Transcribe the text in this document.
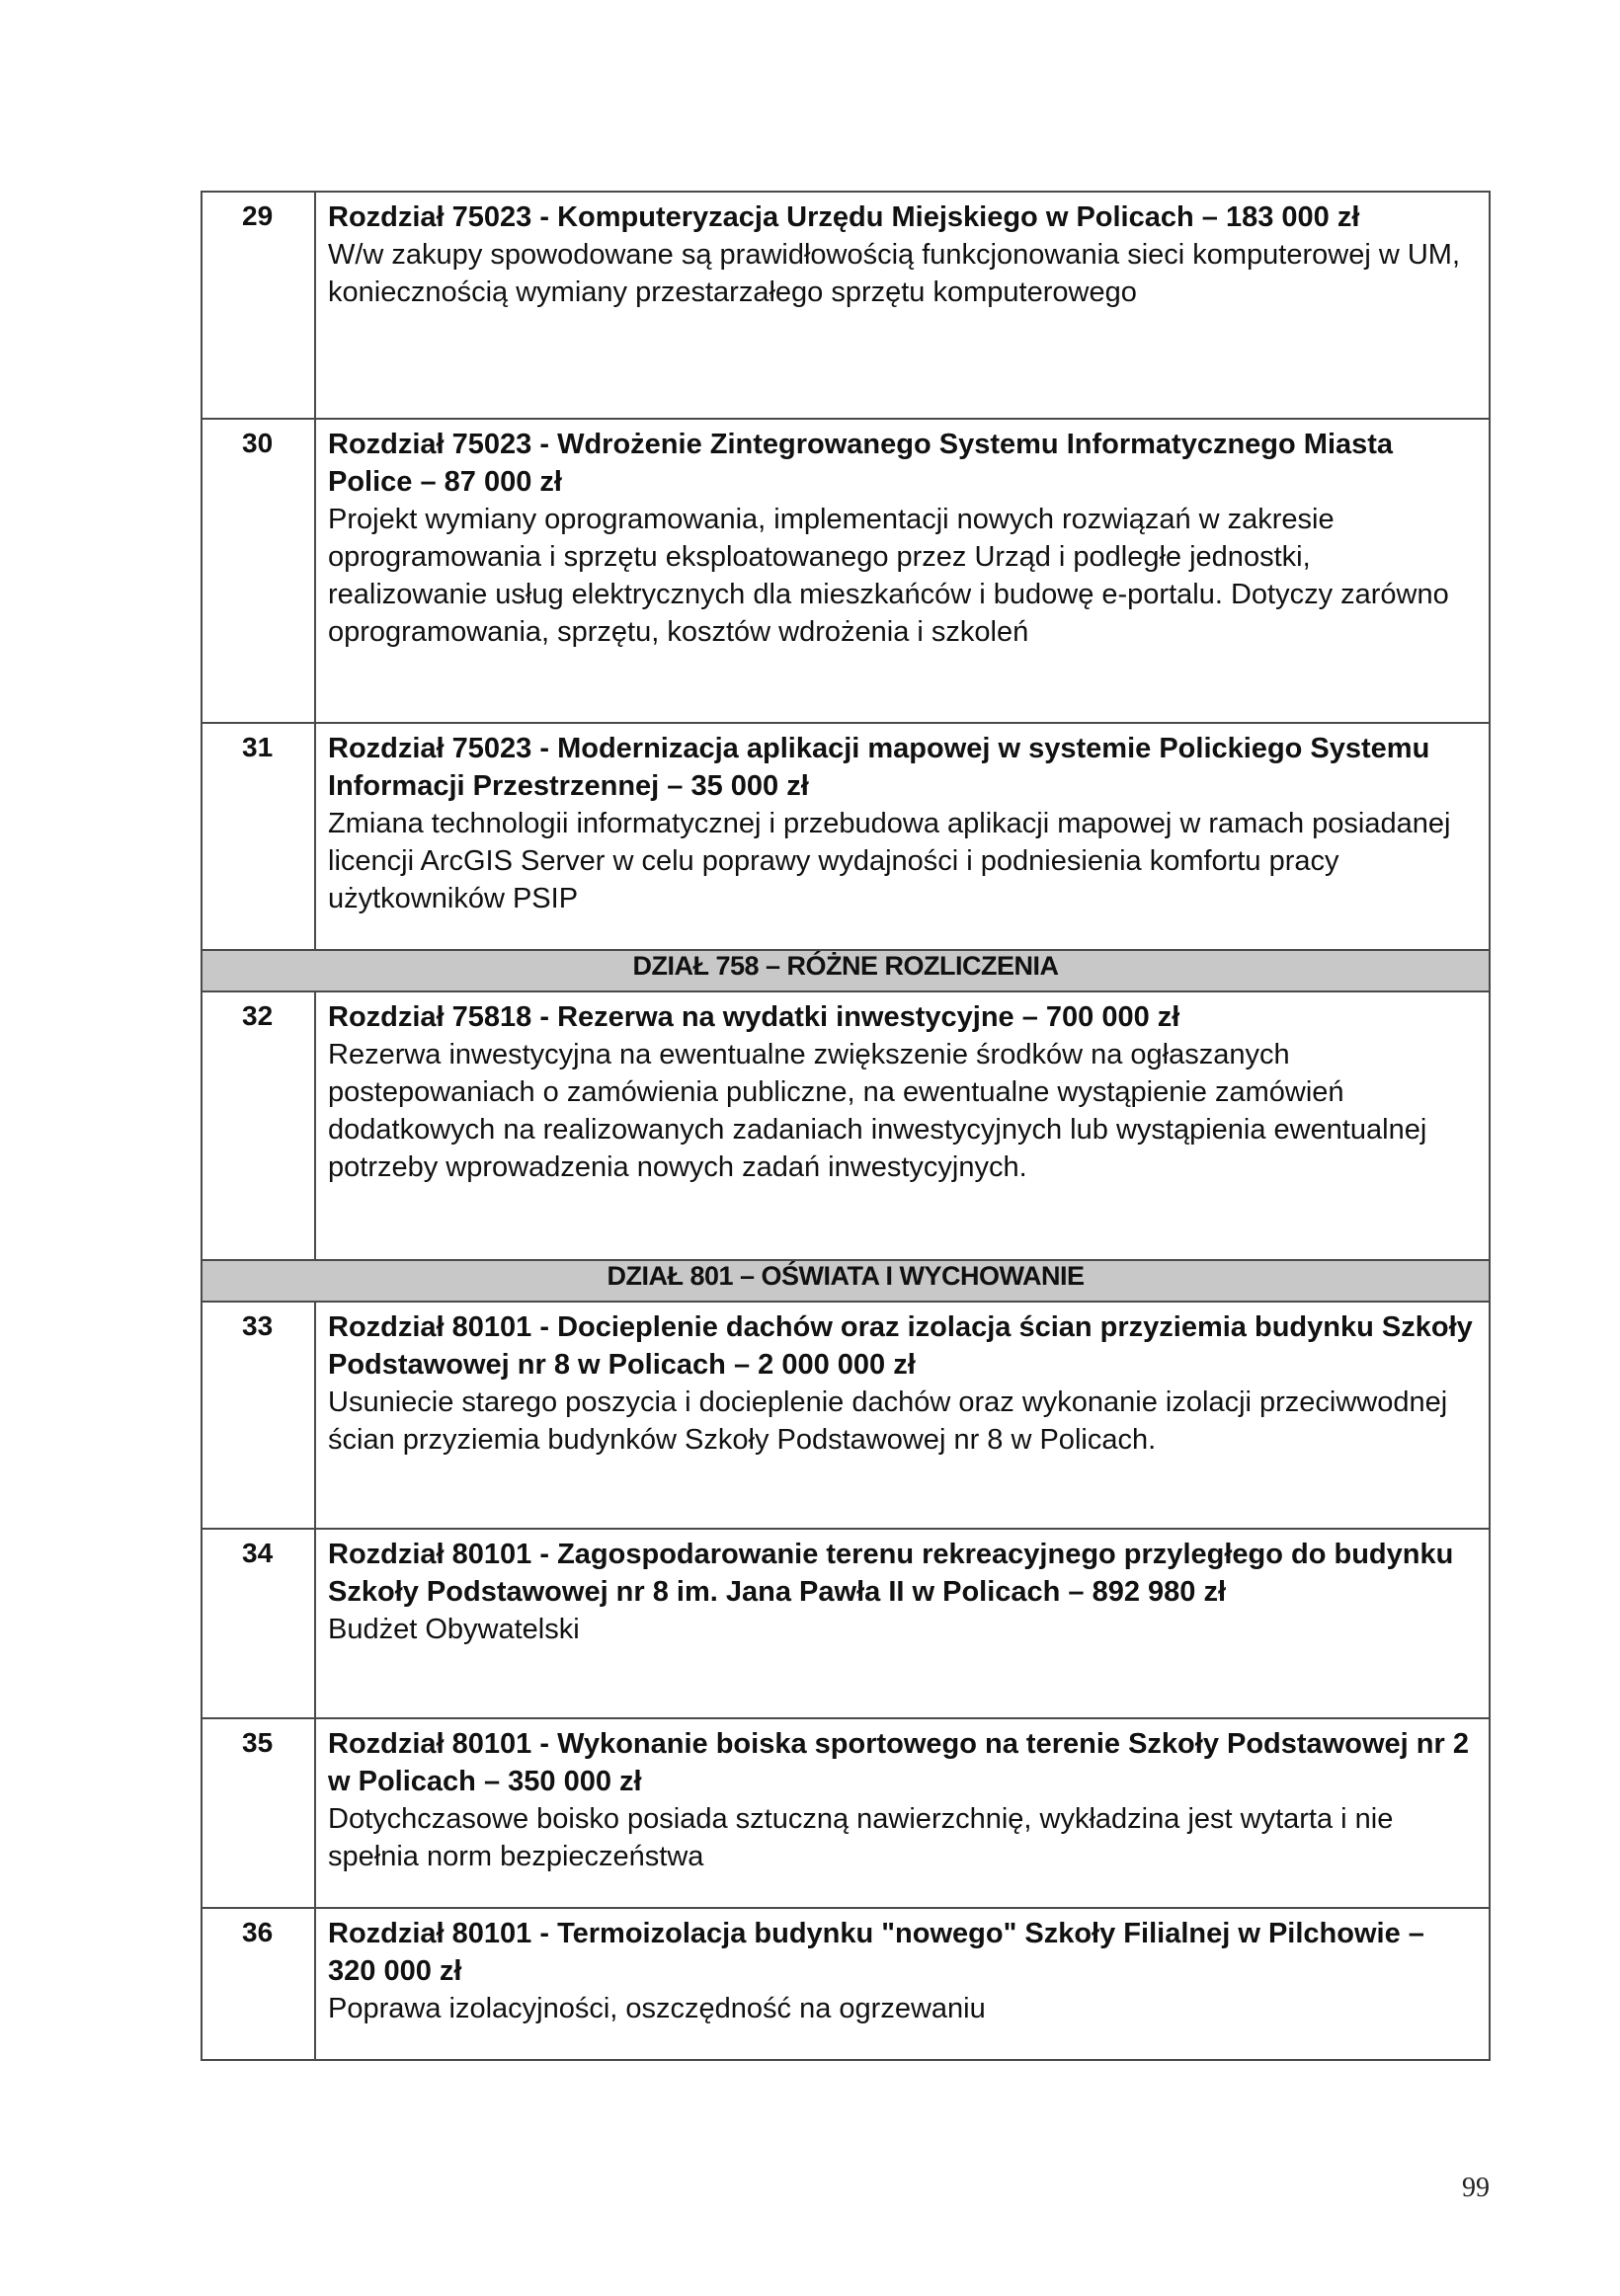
29	Rozdział 75023 - Komputeryzacja Urzędu Miejskiego w Policach – 183 000 zł
W/w zakupy spowodowane są prawidłowością funkcjonowania sieci komputerowej w UM, koniecznością wymiany przestarzałego sprzętu komputerowego

30	Rozdział 75023 - Wdrożenie Zintegrowanego Systemu Informatycznego Miasta Police – 87 000 zł
Projekt wymiany oprogramowania, implementacji nowych rozwiązań w zakresie oprogramowania i sprzętu eksploatowanego przez Urząd i podległe jednostki, realizowanie usług elektrycznych dla mieszkańców i budowę e-portalu. Dotyczy zarówno oprogramowania, sprzętu, kosztów wdrożenia i szkoleń

31	Rozdział 75023 - Modernizacja aplikacji mapowej w systemie Polickiego Systemu Informacji Przestrzennej – 35 000 zł
Zmiana technologii informatycznej i przebudowa aplikacji mapowej w ramach posiadanej licencji ArcGIS Server w celu poprawy wydajności i podniesienia komfortu pracy użytkowników PSIP

DZIAŁ 758 – RÓŻNE ROZLICZENIA	
32	Rozdział 75818 - Rezerwa na wydatki inwestycyjne – 700 000 zł
Rezerwa inwestycyjna na ewentualne zwiększenie środków na ogłaszanych postepowaniach o zamówienia publiczne, na ewentualne wystąpienie zamówień dodatkowych na realizowanych zadaniach inwestycyjnych lub wystąpienia ewentualnej potrzeby wprowadzenia nowych zadań inwestycyjnych.

DZIAŁ 801 – OŚWIATA I WYCHOWANIE	
33	Rozdział 80101 - Docieplenie dachów oraz izolacja ścian przyziemia budynku Szkoły Podstawowej nr 8 w Policach – 2 000 000 zł
Usuniecie starego poszycia i docieplenie dachów oraz wykonanie izolacji przeciwwodnej ścian przyziemia budynków Szkoły Podstawowej nr 8 w Policach.

34	Rozdział 80101 - Zagospodarowanie terenu rekreacyjnego przyległego do budynku Szkoły Podstawowej nr 8 im. Jana Pawła II w Policach – 892 980 zł
Budżet Obywatelski

35	Rozdział 80101 - Wykonanie boiska sportowego na terenie Szkoły Podstawowej nr 2 w Policach – 350 000 zł
Dotychczasowe boisko posiada sztuczną nawierzchnię, wykładzina jest wytarta i nie spełnia norm bezpieczeństwa

36	Rozdział 80101 - Termoizolacja budynku "nowego" Szkoły Filialnej w Pilchowie – 320 000 zł
Poprawa izolacyjności, oszczędność na ogrzewaniu
99
